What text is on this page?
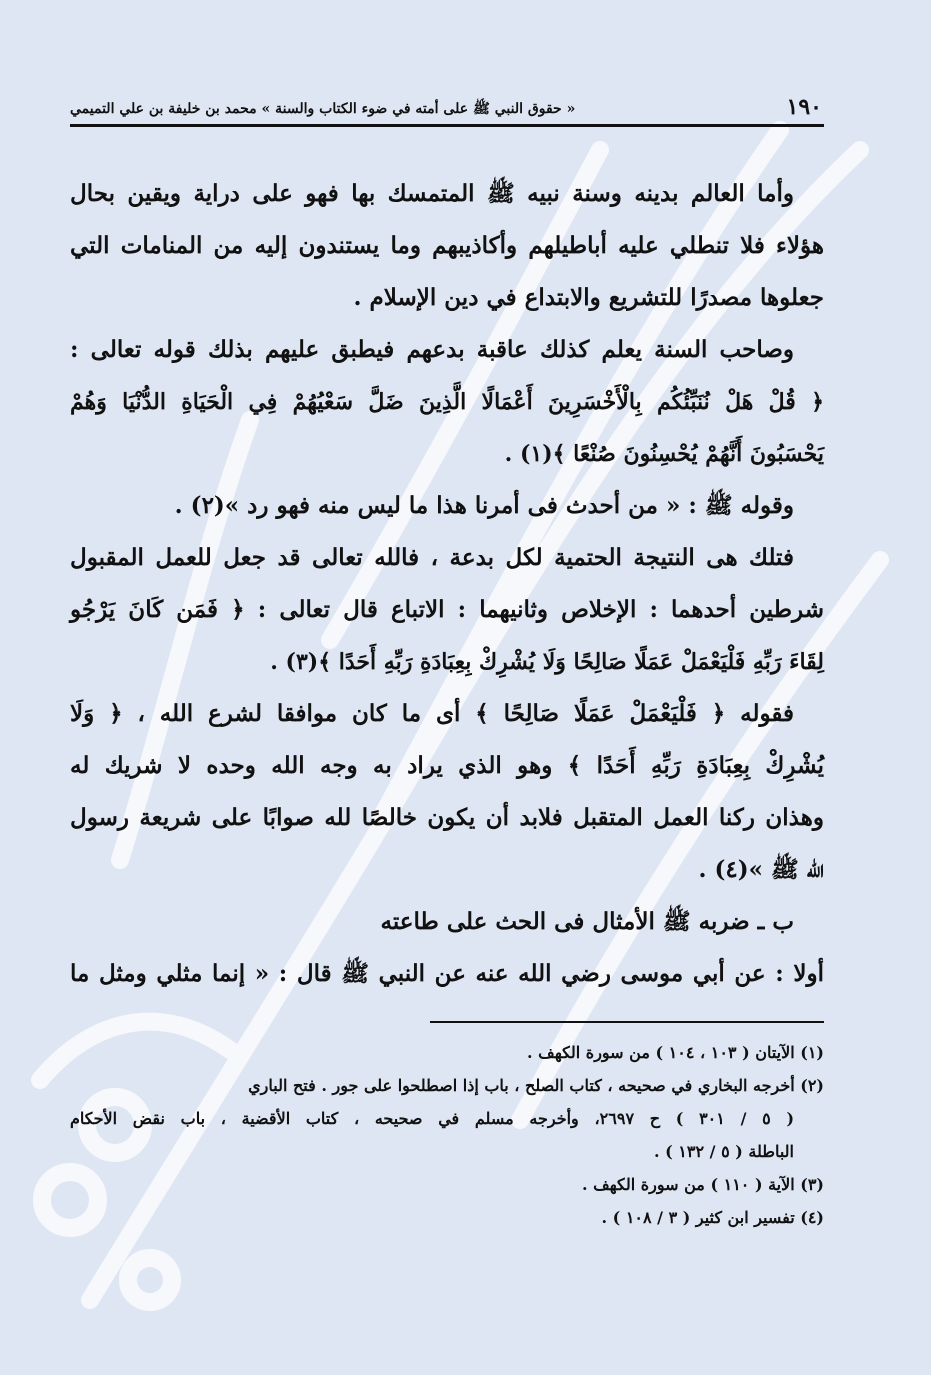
١٩٠
« حقوق النبي ﷺ على أمته في ضوء الكتاب والسنة » محمد بن خليفة بن علي التميمي
وأما العالم بدينه وسنة نبيه ﷺ المتمسك بها فهو على دراية ويقين بحال
هؤلاء فلا تنطلي عليه أباطيلهم وأكاذيبهم وما يستندون إليه من المنامات التي
جعلوها مصدرًا للتشريع والابتداع في دين الإسلام .
وصاحب السنة يعلم كذلك عاقبة بدعهم فيطبق عليهم بذلك قوله تعالى :
﴿ قُلْ هَلْ نُنَبِّئُكُم بِالْأَخْسَرِينَ أَعْمَالًا الَّذِينَ ضَلَّ سَعْيُهُمْ فِي الْحَيَاةِ الدُّنْيَا وَهُمْ
يَحْسَبُونَ أَنَّهُمْ يُحْسِنُونَ صُنْعًا ﴾(١) .
وقوله ﷺ : « من أحدث فى أمرنا هذا ما ليس منه فهو رد »(٢) .
فتلك هى النتيجة الحتمية لكل بدعة ، فالله تعالى قد جعل للعمل المقبول
شرطين أحدهما : الإخلاص وثانيهما : الاتباع قال تعالى : ﴿ فَمَن كَانَ يَرْجُو
لِقَاءَ رَبِّهِ فَلْيَعْمَلْ عَمَلًا صَالِحًا وَلَا يُشْرِكْ بِعِبَادَةِ رَبِّهِ أَحَدًا ﴾(٣) .
فقوله ﴿ فَلْيَعْمَلْ عَمَلًا صَالِحًا ﴾ أى ما كان موافقا لشرع الله ، ﴿ وَلَا
يُشْرِكْ بِعِبَادَةِ رَبِّهِ أَحَدًا ﴾ وهو الذي يراد به وجه الله وحده لا شريك له
وهذان ركنا العمل المتقبل فلابد أن يكون خالصًا لله صوابًا على شريعة رسول
الله ﷺ »(٤) .
ب ـ ضربه ﷺ الأمثال فى الحث على طاعته
أولا : عن أبي موسى رضي الله عنه عن النبي ﷺ قال : « إنما مثلي ومثل ما
(١) الآيتان ( ١٠٣ ، ١٠٤ ) من سورة الكهف .
(٢) أخرجه البخاري في صحيحه ، كتاب الصلح ، باب إذا اصطلحوا على جور . فتح الباري
( ٥ / ٣٠١ ) ح ٢٦٩٧، وأخرجه مسلم في صحيحه ، كتاب الأقضية ، باب نقض الأحكام
الباطلة ( ٥ / ١٣٢ ) .
(٣) الآية ( ١١٠ ) من سورة الكهف .
(٤) تفسير ابن كثير ( ٣ / ١٠٨ ) .
